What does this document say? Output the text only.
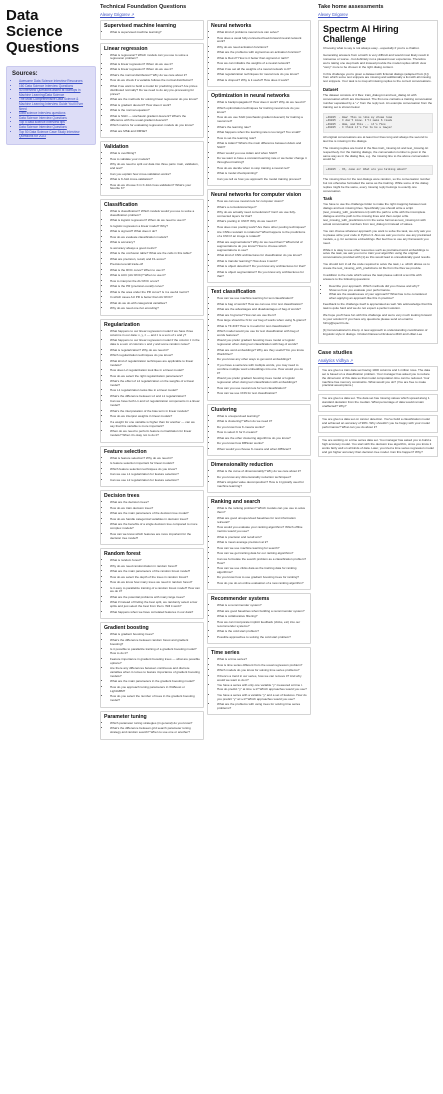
Data Science Questions
Sources:
• Awesome Data Science Interview Resources
• 160 Data Science Interview Questions
• 40 Interview Questions asked at Startups in Machine Learning/Data Science
• The Most Comprehensive Data Science & Machine Learning Interview Guide You'll Ever Need
• Data science interview questions
• Data Science Interview Questions
• Top 5 data science interview tips
• Data Science Interview Questions
• Top 50 Data Science Case Study Interview Questions for 2023
Technical Foundation Questions
Alexey Grigorev ↗
Supervised machine learning
• What is supervised machine learning?
Linear regression
• What is regression? Which models can you use to solve a regression problem?
• What is linear regression? When do we use it?
• What is linear regression? When do we use it?
• What's the normal distribution? Why do we care about it?
• How do we check if a variable follows the normal distribution?
• What if we want to build a model for predicting prices? Are prices distributed normally? Do we need to do any pre-processing for prices?
• What are the methods for solving linear regression do you know?
• What is gradient descent? How does it work?
• What is the normal equation?
• What is SGD — stochastic gradient descent? What's the difference with the usual gradient descent?
• Which metrics for evaluating regression models do you know?
• What are MSE and RMSE?
Validation
• What is overfitting?
• How to validate your models?
• Why do we need to split our data into three parts: train, validation, and test?
• Can you explain how cross-validation works?
• What is K-fold cross-validation?
• How do we choose K in K-fold cross-validation? What's your favorite K?
Classification
• What is classification? Which models would you use to solve a classification problem?
• What is logistic regression? When do we need to use it?
• Is logistic regression a linear model? Why?
• What is sigmoid? What does it do?
• How do we evaluate classification models?
• What is accuracy?
• Is accuracy always a good metric?
• What is the confusion table? What are the cells in this table?
• What are precision, recall, and F1-score?
• Precision-recall trade-off
• What is the ROC curve? When to use it?
• What is AUC (AU ROC)? When to use it?
• How to interpret the AU ROC score?
• What is the PR (precision-recall) curve?
• What is the area under the PR curve? Is it a useful metric?
• In which cases AU PR is better than AU ROC?
• What do we do with categorical variables?
• Why do we need one-hot encoding?
Regularization
• What happens to our linear regression model if we have three columns in our data: x, y, z — and z is a sum of x and y?
• What happens to our linear regression model if the column z in the data is a sum of columns x and y and some random noise?
• What is regularization? Why do we need it?
• Which regularization techniques do you know?
• What kind of regularization techniques are applicable to linear models?
• How does L2 regularization look like in a linear model?
• How do we select the right regularization parameters?
• What's the effect of L2 regularization on the weights of a linear model?
• How L1 regularization looks like in a linear model?
• What's the difference between L2 and L1 regularization?
• Can we have both L1 and L2 regularization components in a linear model?
• What's the interpretation of the bias term in linear models?
• How do we interpret weights in linear models?
• If a weight for one variable is higher than for another — can we say that this variable is more important?
• When do we need to perform feature normalization for linear models? When it's okay not to do it?
Feature selection
• What is feature selection? Why do we need it?
• Is feature selection important for linear models?
• Which feature selection techniques do you know?
• Can we use L1 regularization for feature selection?
• Can we use L2 regularization for feature selection?
Decision trees
• What are the decision trees?
• How do we train decision trees?
• What are the main parameters of the decision tree model?
• How do we handle categorical variables in decision trees?
• What are the benefits of a single decision tree compared to more complex models?
• How can we know which features are more important for the decision tree model?
Random forest
• What is random forest?
• Why do we need randomization in random forest?
• What are the main parameters of the random forest model?
• How do we select the depth of the trees in random forest?
• How do we know how many trees we need in random forest?
• Is it easy to parallelize training of a random forest model? How can we do it?
• What are the potential problems with many large trees?
• What if instead of finding the best split, we randomly select a few splits and just select the best from them. Will it work?
• What happens when we have correlated features in our data?
Gradient boosting
• What is gradient boosting trees?
• What's the difference between random forest and gradient boosting?
• Is it possible to parallelize training of a gradient boosting model? How to do it?
• Feature importance in gradient boosting trees — what are possible options?
• Are there any differences between continuous and discrete variables when it comes to feature importance of gradient boosting models?
• What are the main parameters in the gradient boosting model?
• How do you approach tuning parameters in XGBoost or LightGBM?
• How do you select the number of trees in the gradient boosting model?
Parameter tuning
• Which parameter tuning strategies (in general) do you know?
• What's the difference between grid search parameter tuning strategy and random search? When to use one or another?
Neural networks
• What kind of problems neural nets can solve?
• How does a usual fully-connected feed-forward neural network work?
• Why do we need activation functions?
• What are the problems with sigmoid as an activation function?
• What is ReLU? How is it better than sigmoid or tanh?
• How we can initialize the weights of a neural network?
• What if we set all the weights of a neural network to 0?
• What regularization techniques for neural nets do you know?
• What is dropout? Why is it useful? How does it work?
Optimization in neural networks
• What is backpropagation? How does it work? Why do we need it?
• Which optimization techniques for training neural nets do you know?
• How do we use SGD (stochastic gradient descent) for training a neural net?
• What's the learning rate?
• What happens when the learning rate is too large? Too small?
• How to set the learning rate?
• What is Adam? What's the main difference between Adam and SGD?
• When would you use Adam and when SGD?
• Do we want to have a constant learning rate or we better change it throughout training?
• How do we decide when to stop training a neural net?
• What is model checkpointing?
• Can you tell us how you approach the model training process?
Neural networks for computer vision
• How we can use neural nets for computer vision?
• What's a convolutional layer?
• Why do we actually need convolutions? Can't we use fully-connected layers for that?
• What's pooling in CNN? Why do we need it?
• How does max pooling work? Are there other pooling techniques?
• Are CNNs resistant to rotations? What happens to the predictions of a CNN if an image is rotated?
• What are augmentations? Why do we need them? What kind of augmentations do you know? How to choose which augmentations to use?
• What kind of CNN architectures for classification do you know?
• What is transfer learning? How does it work?
• What is object detection? Do you know any architectures for that?
• What is object segmentation? Do you know any architectures for that?
Text classification
• How can we use machine learning for text classification?
• What is bag of words? How we can use it for text classification?
• What are the advantages and disadvantages of bag of words?
• What are N-grams? How can we use them?
• How large should be N for our bag of words when using N-grams?
• What is TF-IDF? How is it useful for text classification?
• Which model would you use for text classification with bag of words features?
• Would you prefer gradient boosting trees model or logistic regression when doing text classification with bag of words?
• What are word embeddings? Why are they useful? Do you know Word2Vec?
• Do you know any other ways to get word embeddings?
• If you have a sentence with multiple words, you may need to combine multiple word embeddings into one. How would you do it?
• Would you prefer gradient boosting trees model or logistic regression when doing text classification with embeddings?
• How can you use neural nets for text classification?
• How can we use CNN for text classification?
Clustering
• What is unsupervised learning?
• What is clustering? When do we need it?
• Do you know how K-means works?
• How to select K for K-means?
• What are the other clustering algorithms do you know?
• Do you know how DBScan works?
• When would you choose K-means and when DBScan?
Dimensionality reduction
• What is the curse of dimensionality? Why do we care about it?
• Do you know any dimensionality reduction techniques?
• What's singular value decomposition? How is it typically used for machine learning?
Ranking and search
• What is the ranking problem? Which models can you use to solve them?
• What are good unsupervised baselines for text information retrieval?
• How would you evaluate your ranking algorithms? Which offline metrics would you use?
• What is precision and recall at k?
• What is mean average precision at k?
• How can we use machine learning for search?
• How can we get training data for our ranking algorithms?
• Can we formulate the search problem as a classification problem? How?
• How can we use clicks data as the training data for ranking algorithms?
• Do you know how to use gradient boosting trees for ranking?
• How do you do an online evaluation of a new ranking algorithm?
Recommender systems
• What is a recommender system?
• What are good baselines when building a recommender system?
• What is collaborative filtering?
• How we can incorporate implicit feedback (clicks, etc) into our recommender systems?
• What is the cold start problem?
• Possible approaches to solving the cold start problem?
Time series
• What is a time series?
• How is time series different from the usual regression problem?
• Which models do you know for solving time series problems?
• If there's a trend in our series, how we can remove it? And why would we want to do it?
• You have a series with only one variable "y" measured at time t. How do predict "y" at time t+1? Which approaches would you use?
• You have a series with a variable "y" and a set of features. How do you predict "y" at t+1? Which approaches would you use?
• What are the problems with using trees for solving time series problems?
Take home assessments
Alexey Grigorev
Spectrm AI Hiring Challenge
Choosing what to say is not always easy - especially if you're a chatbot.
Generating answers from scratch is very difficult and would most likely result in nonsense or worse - but definitely not a pleasant user experience. Therefore we're taking one step back and instead provide the model replies which view "story" more to be chosen in the right dialog context.
In this challenge you're given a dataset with fictional dialogs (adapted from [1]) from which some text snippets are missing and additionally a list with all missing text snippets. Your task is to map all missing replies to the correct conversations.
Dataset
The dataset consists of 4 files: train_dialog.txt and test_dialog.txt with conversation which are interleaved. The first one contains a training conversation number separated by a "+" from the reply text. An example conversation from the training set is shown below:
+49015  - Wow! This is like my dream room
+49015  - I don't know. I'll make 6 reads
+49015  - Hmm, and this ... it's fine
+49015  - I think it's fun to be a lawyer
All original conversations are at least four lines long and always the second to last line is missing in the dialogs.
The missing replies are found in the files train_missing.txt and test_missing.txt respectively. For the training dialogs, the conversation number is given in the same way as in the dialog files, e.g. the missing line to the above conversation would be:
+49015  - Oh, come on! What are you talking about?
The missing lines for the test dialogs were random, so the conversation number but not otherwise formatted the same as the training. While some of the dialog replies might be the same, every missing reply belongs to exactly one conversation.
Task
You have to use the challenge folder to make the right mapping between test dialogs and test missing lines. Specifically you should write a script (test_missing_with_predictions.txt) with the path to a file with the incomplete dialogue and the path to the missing lines and then output a file test_missing_with_predictions.txt in the same format as test_missing.txt with actual conversation numbers from test_dialog.txt instead of values.
You can choose whatever approach you want to solve the task, we only ask you to please write your code in Python 3. Also we ask you not to use any pretrained models, e.g. for sentence embeddings. But feel free to use any framework you need.
While it is okay to use other resources such as pretrained word embeddings to solve the task, we ask you not to train your algorithm using the original conversations provided with [1] as this would lead to unrealistically good results.
You should turn in all the code required to solve the task, i.e. which allows us to create the test_missing_with_predictions.txt file from the files we provide.
In addition to the code which solves the task please submit a text file with answers to the following questions:
• Describe your approach. Which methods did you choose and why?
• Show us how you evaluate your performance.
• What are the weaknesses of your approach? What has to be considered when applying an approach like this in practice?
Feedback to the challenge itself is appreciated as well. We acknowledge that this task is quite hard and we do not expect a perfect solution.
We hope you'll have fun with this challenge and we're very much looking forward to your solution! If you have any questions please send an email to hiring@spectrm.de.
[1] Conversational in-Interp. A new approach to understanding coordination of linguistic style in dialogs. Cristian Danescu-Niculescu-Mizil and Lillian Lee
Case studies
Analytics Vidhya ↗
You are given a train data set having 1000 columns and 1 million rows. The data set is based on a classification problem. Your manager has asked you to reduce the dimension of this data so that model computation time can be reduced. Your machine has memory constraints. What would you do? (You are free to make practical assumptions.)
You are given a data set. The data set has missing values which spread along 1 standard deviation from the median. What percentage of data would remain unaffected? Why?
You are given a data set on cancer detection. You've build a classification model and achieved an accuracy of 96%. Why shouldn't you be happy with your model performance? What can you do about it?
You are working on a time series data set. You manager has asked you to build a high accuracy model. You start with the decision tree algorithm, since you know it works fairly well on all kinds of data. Later, you tried a time series regression model and got higher accuracy than decision tree model. Can this happen? Why?
